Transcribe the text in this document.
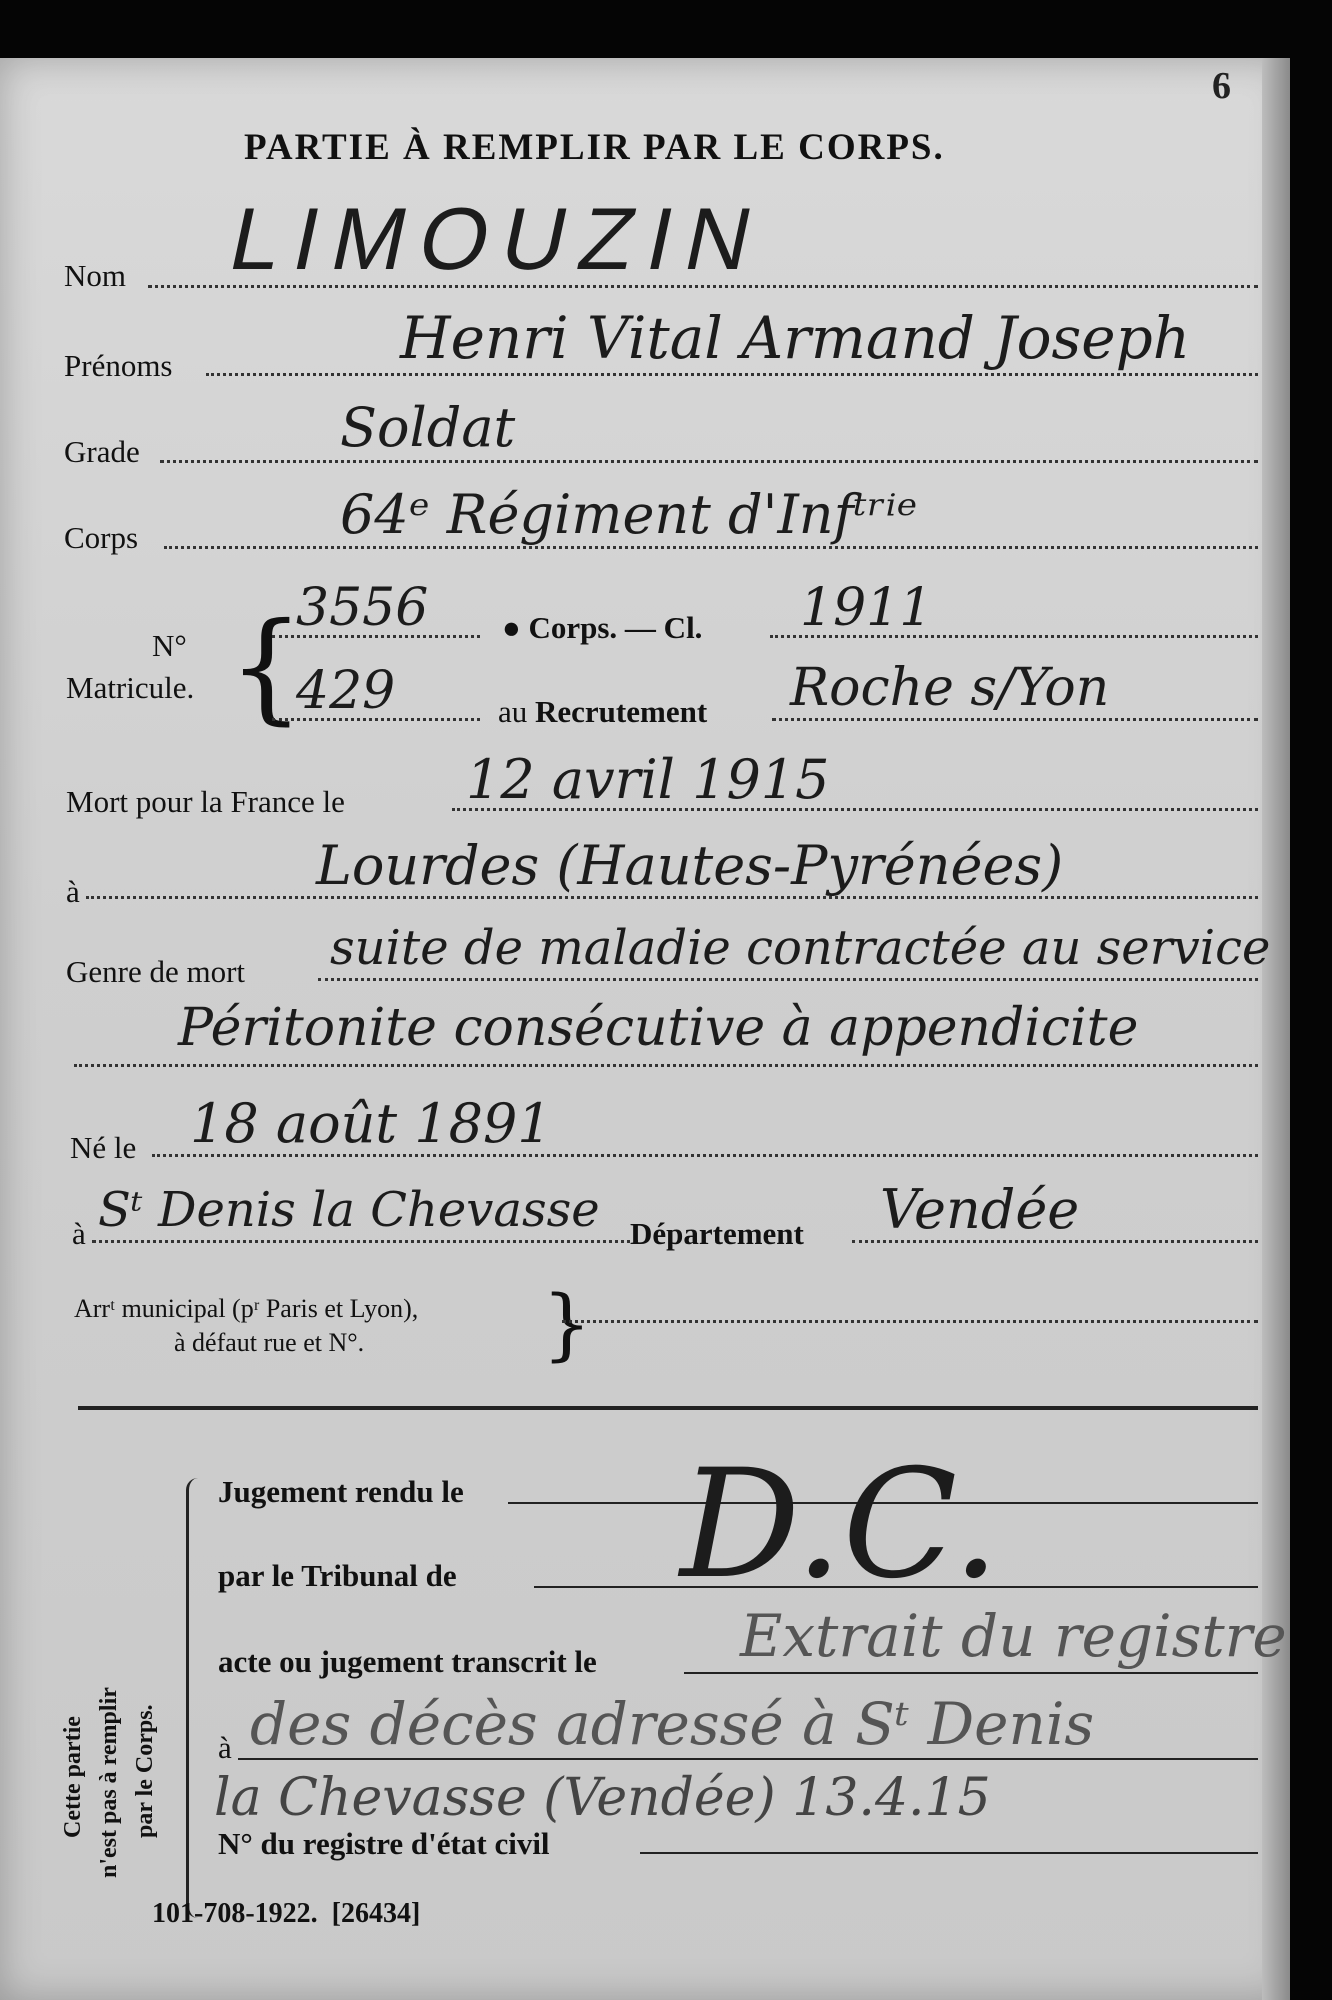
6
PARTIE À REMPLIR PAR LE CORPS.
Nom LIMOUZIN
Prénoms	Henri Vital Armand Joseph
Grade	Soldat
Corps	64ᵉ Régiment d'Infᵗʳⁱᵉ
N°
Matricule. {
3556 ● Corps. — Cl. 1911
429	au Recrutement Roche s/Yon
Mort pour la France le 12 avril 1915
à	Lourdes (Hautes-Pyrénées)
Genre de mort suite de maladie contractée au service
Péritonite consécutive à appendicite
Né le 18 août 1891
à Sᵗ Denis la Chevasse Département Vendée
Arrᵗ municipal (pʳ Paris et Lyon),
à défaut rue et N°. }
Cette partie n'est pas à remplir par le Corps.
Jugement rendu le D.C.
par le Tribunal de
acte ou jugement transcrit le Extrait du registre
à des décès adressé à Sᵗ Denis
la Chevasse (Vendée) 13.4.15
N° du registre d'état civil
101-708-1922.  [26434]
